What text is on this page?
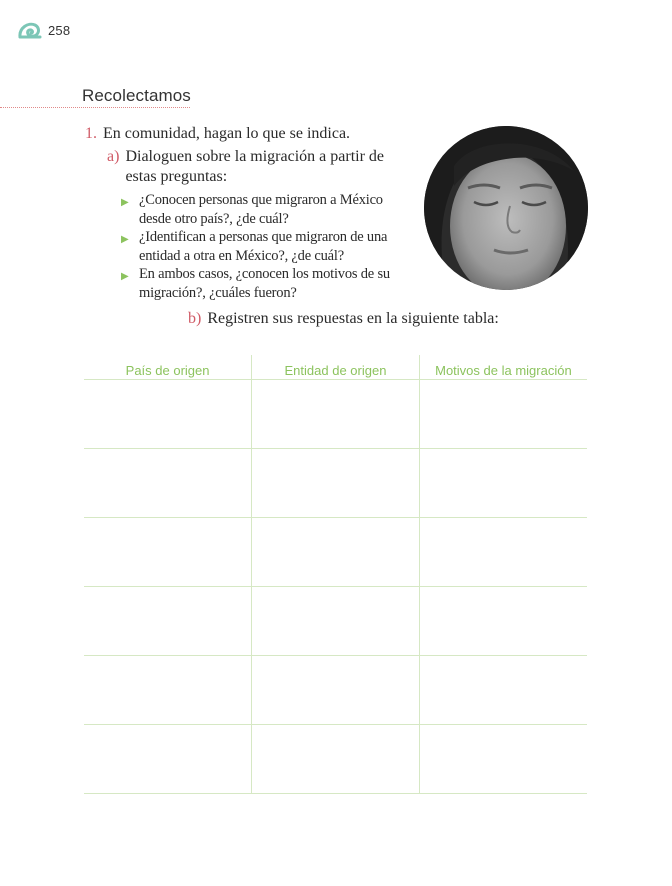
258
Recolectamos
1. En comunidad, hagan lo que se indica.
a) Dialoguen sobre la migración a partir de estas preguntas:
▶ ¿Conocen personas que migraron a México desde otro país?, ¿de cuál?
▶ ¿Identifican a personas que migraron de una entidad a otra en México?, ¿de cuál?
▶ En ambos casos, ¿conocen los motivos de su migración?, ¿cuáles fueron?
b) Registren sus respuestas en la siguiente tabla:
País de origen	Entidad de origen	Motivos de la migración
